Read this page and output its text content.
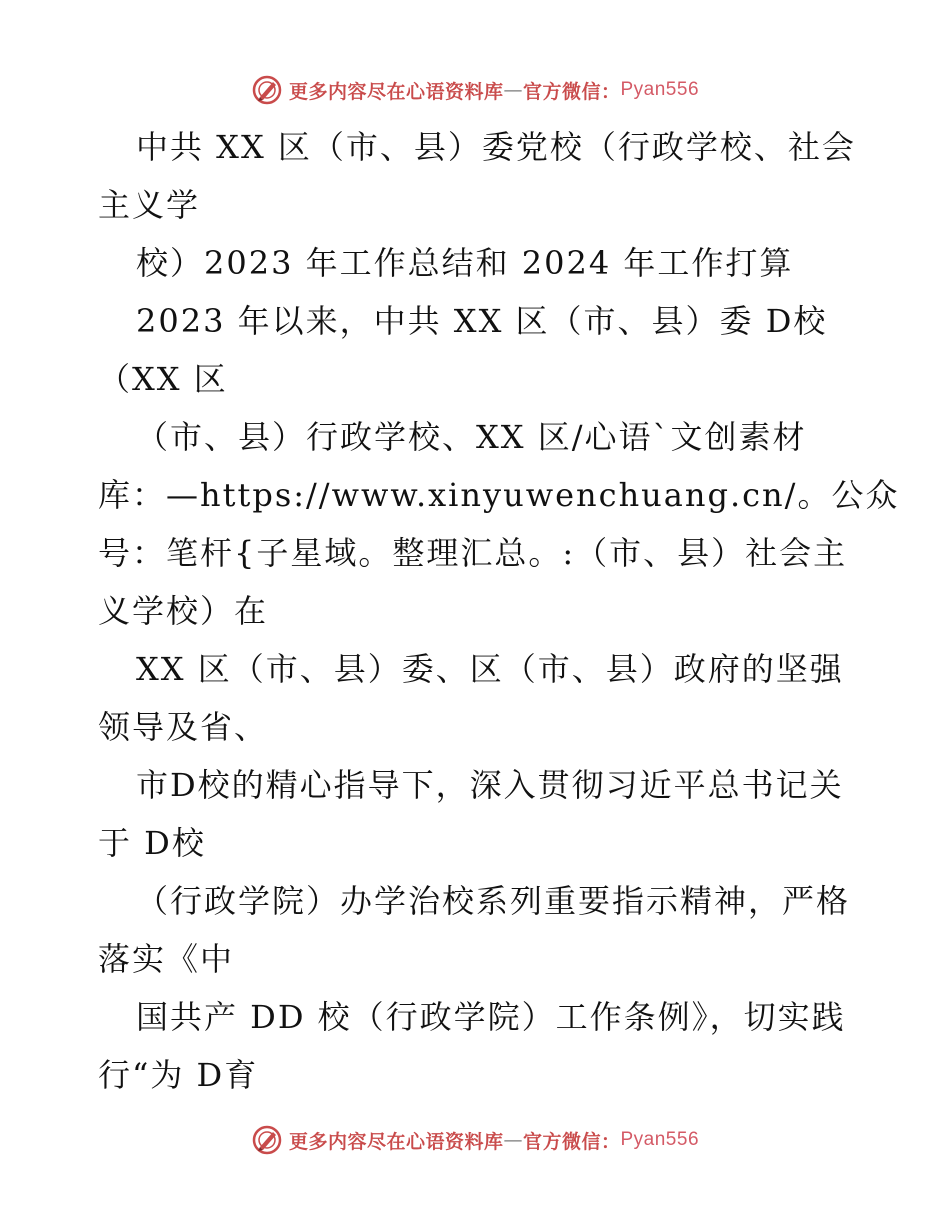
更多内容尽在心语资料库 — 官方微信： Pyan556
中共 XX 区（市、县）委党校（行政学校、社会
主义学
校）2023 年工作总结和 2024 年工作打算
2023 年以来，中共 XX 区（市、县）委 D校
（XX 区
（市、县）行政学校、XX 区/心语`文创素材
库：—https://www.xinyuwenchuang.cn/。公众
号：笔杆{子星域。整理汇总。:（市、县）社会主
义学校）在
XX 区（市、县）委、区（市、县）政府的坚强
领导及省、
市D校的精心指导下，深入贯彻习近平总书记关
于 D校
（行政学院）办学治校系列重要指示精神，严格
落实《中
国共产 DD 校（行政学院）工作条例》，切实践
行“为 D育
更多内容尽在心语资料库 — 官方微信： Pyan556
